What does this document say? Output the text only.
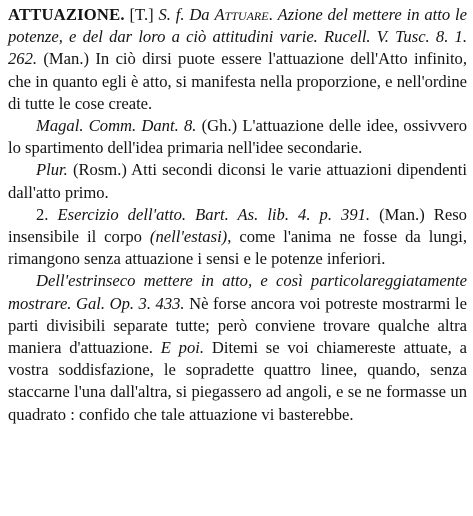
ATTUAZIONE. [T.] S. f. Da Attuare. Azione del mettere in atto le potenze, e del dar loro a ciò attitudini varie. Rucell. V. Tusc. 8. 1. 262. (Man.) In ciò dirsi puote essere l'attuazione dell'Atto infinito, che in quanto egli è atto, si manifesta nella proporzione, e nell'ordine di tutte le cose create.

Magal. Comm. Dant. 8. (Gh.) L'attuazione delle idee, ossivvero lo spartimento dell'idea primaria nell'idee secondarie.

Plur. (Rosm.) Atti secondi diconsi le varie attuazioni dipendenti dall'atto primo.

2. Esercizio dell'atto. Bart. As. lib. 4. p. 391. (Man.) Reso insensibile il corpo (nell'estasi), come l'anima ne fosse da lungi, rimangono senza attuazione i sensi e le potenze inferiori.

Dell'estrinseco mettere in atto, e così particolareggiatamente mostrare. Gal. Op. 3. 433. Nè forse ancora voi potreste mostrarmi le parti divisibili separate tutte; però conviene trovare qualche altra maniera d'attuazione. E poi. Ditemi se voi chiamereste attuate, a vostra soddisfazione, le sopradette quattro linee, quando, senza staccarne l'una dall'altra, si piegassero ad angoli, e se ne formasse un quadrato : confido che tale attuazione vi basterebbe.
